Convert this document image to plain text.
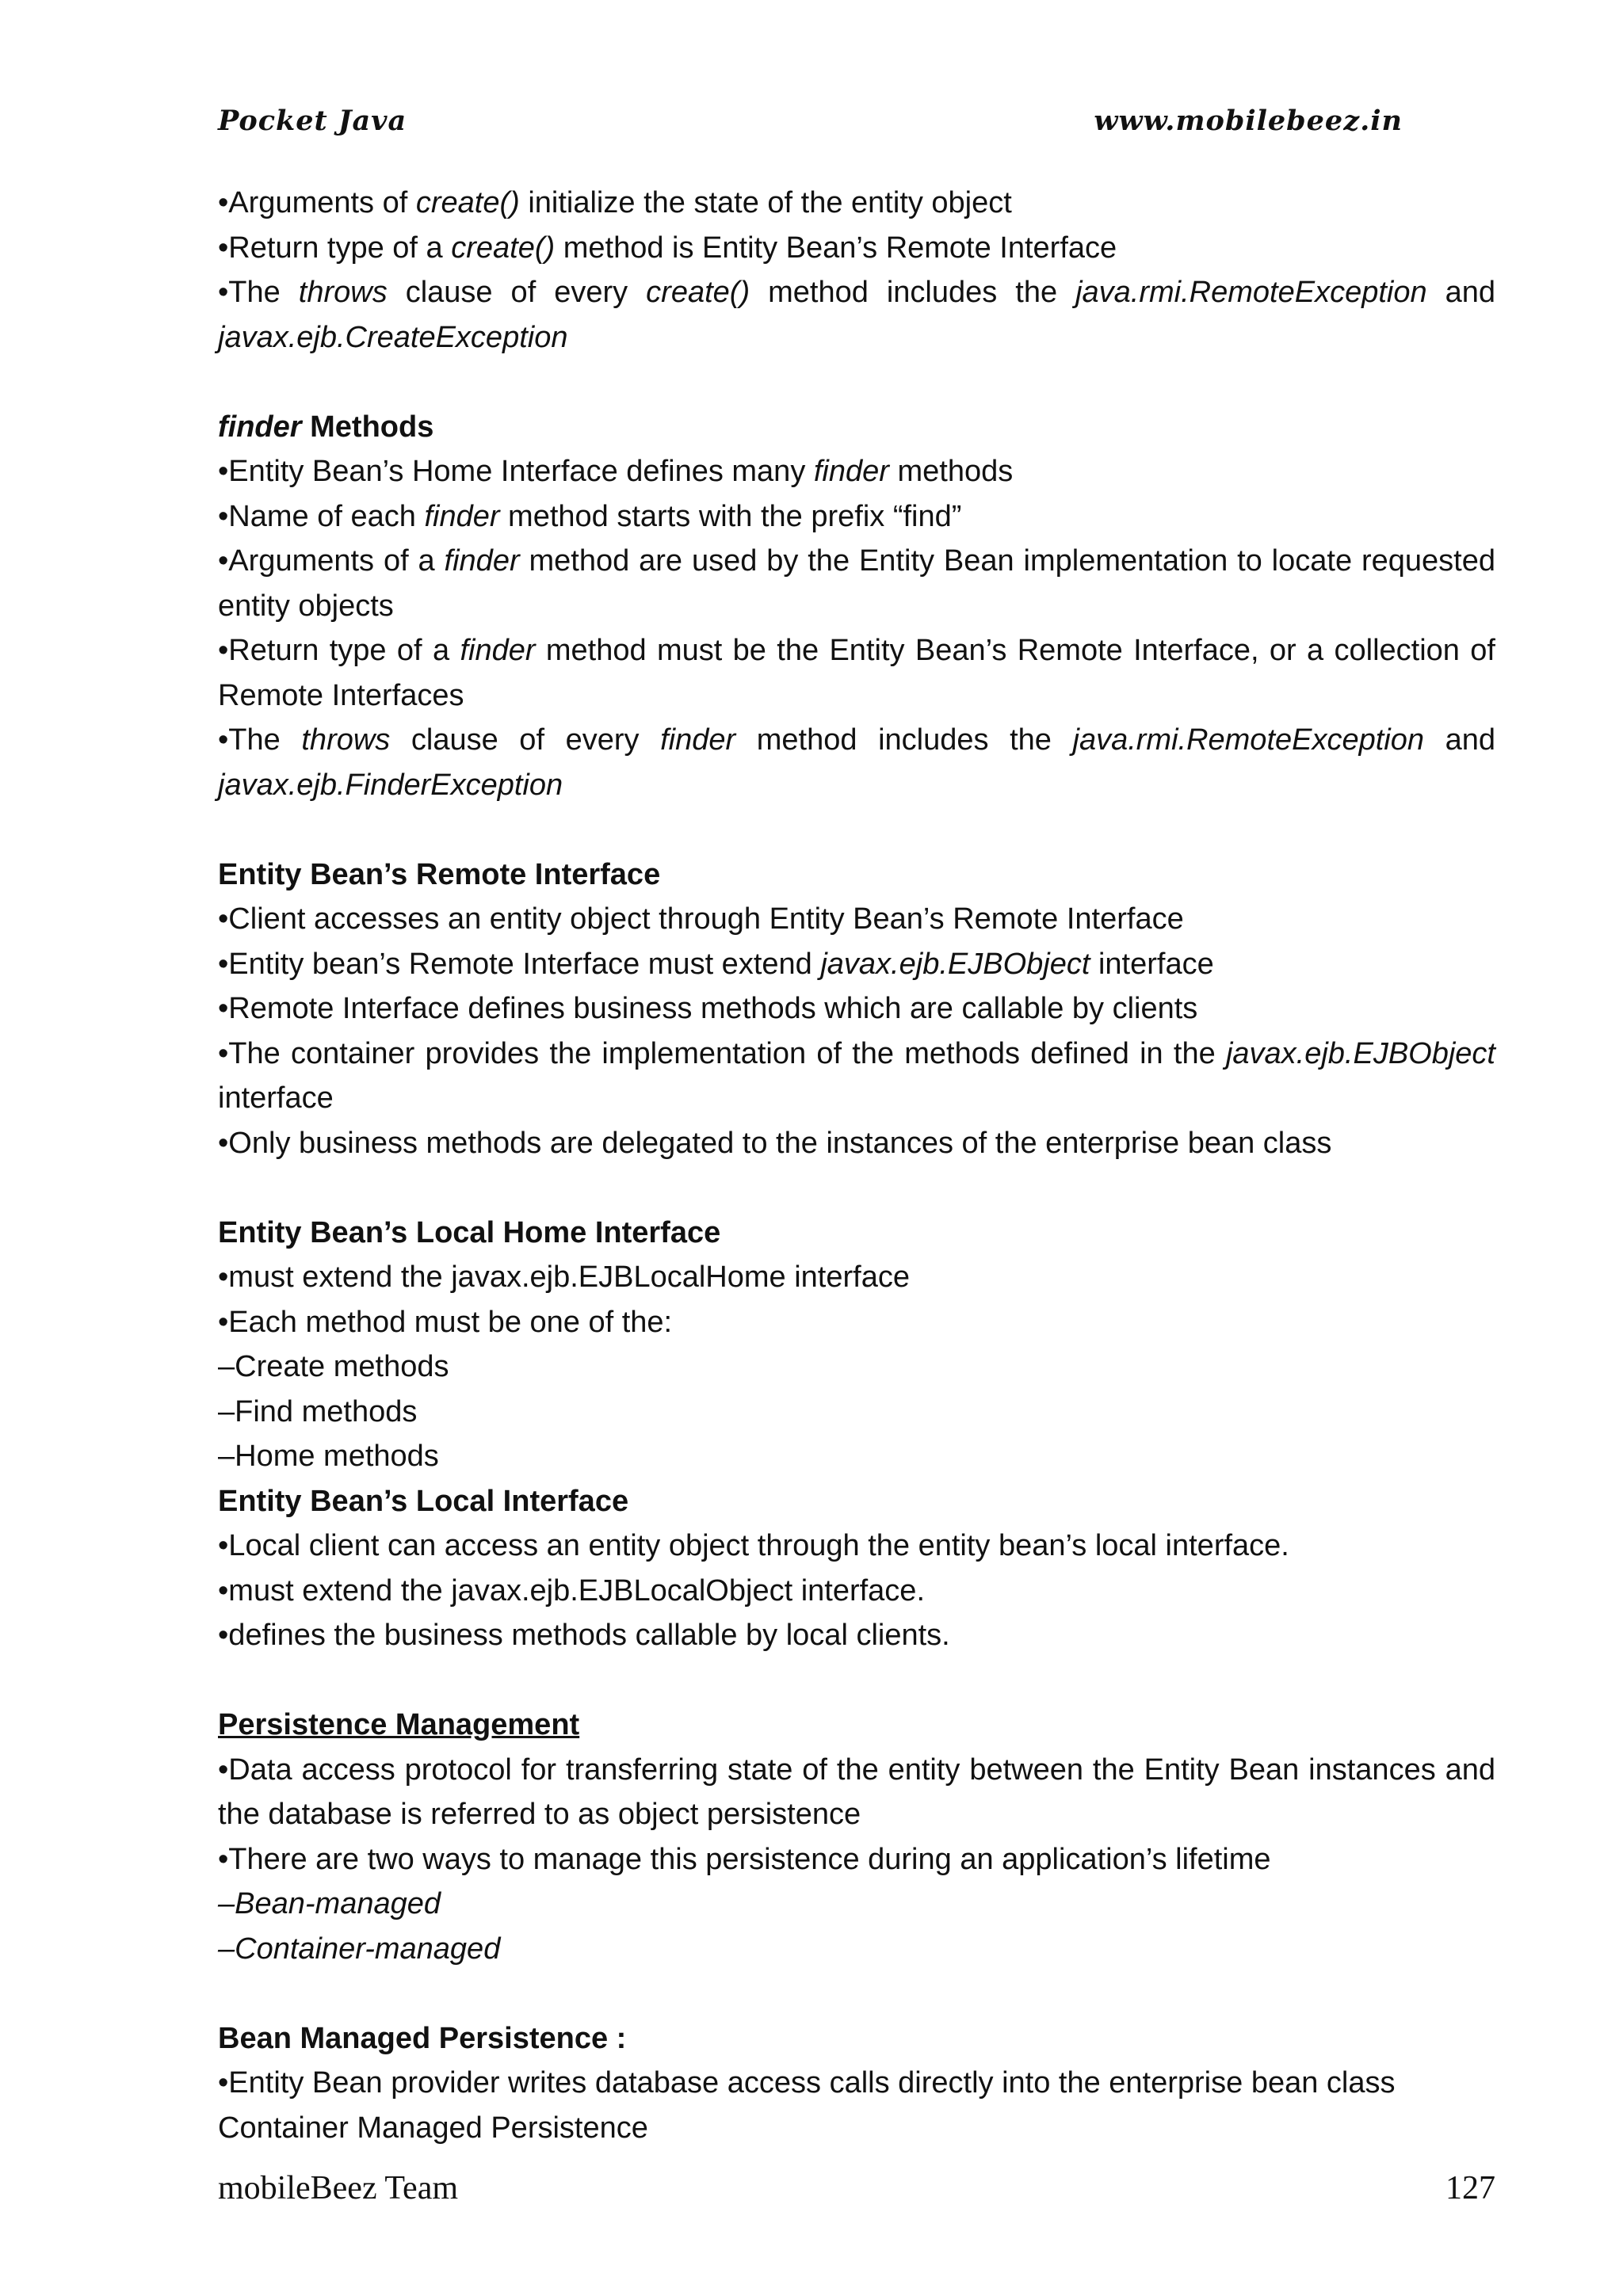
Pocket Java	www.mobilebeez.in

•Arguments of create() initialize the state of the entity object

•Return type of a create() method is Entity Bean’s Remote Interface

•The throws clause of every create() method includes the java.rmi.RemoteException and javax.ejb.CreateException

finder Methods

•Entity Bean’s Home Interface defines many finder methods

•Name of each finder method starts with the prefix “find”

•Arguments of a finder method are used by the Entity Bean implementation to locate requested entity objects

•Return type of a finder method must be the Entity Bean’s Remote Interface, or a collection of Remote Interfaces

•The throws clause of every finder method includes the java.rmi.RemoteException and javax.ejb.FinderException

Entity Bean’s Remote Interface

•Client accesses an entity object through Entity Bean’s Remote Interface

•Entity bean’s Remote Interface must extend javax.ejb.EJBObject interface

•Remote Interface defines business methods which are callable by clients

•The container provides the implementation of the methods defined in the javax.ejb.EJBObject interface

•Only business methods are delegated to the instances of the enterprise bean class

Entity Bean’s Local Home Interface

•must extend the javax.ejb.EJBLocalHome interface

•Each method must be one of the:

–Create methods

–Find methods

–Home methods

Entity Bean’s Local Interface

•Local client can access an entity object through the entity bean’s local interface.

•must extend the javax.ejb.EJBLocalObject interface.

•defines the business methods callable by local clients.

Persistence Management

•Data access protocol for transferring state of the entity between the Entity Bean instances and the database is referred to as object persistence

•There are two ways to manage this persistence during an application’s lifetime

–Bean-managed

–Container-managed

Bean Managed Persistence :

•Entity Bean provider writes database access calls directly into the enterprise bean class

Container Managed Persistence

mobileBeez Team	127
